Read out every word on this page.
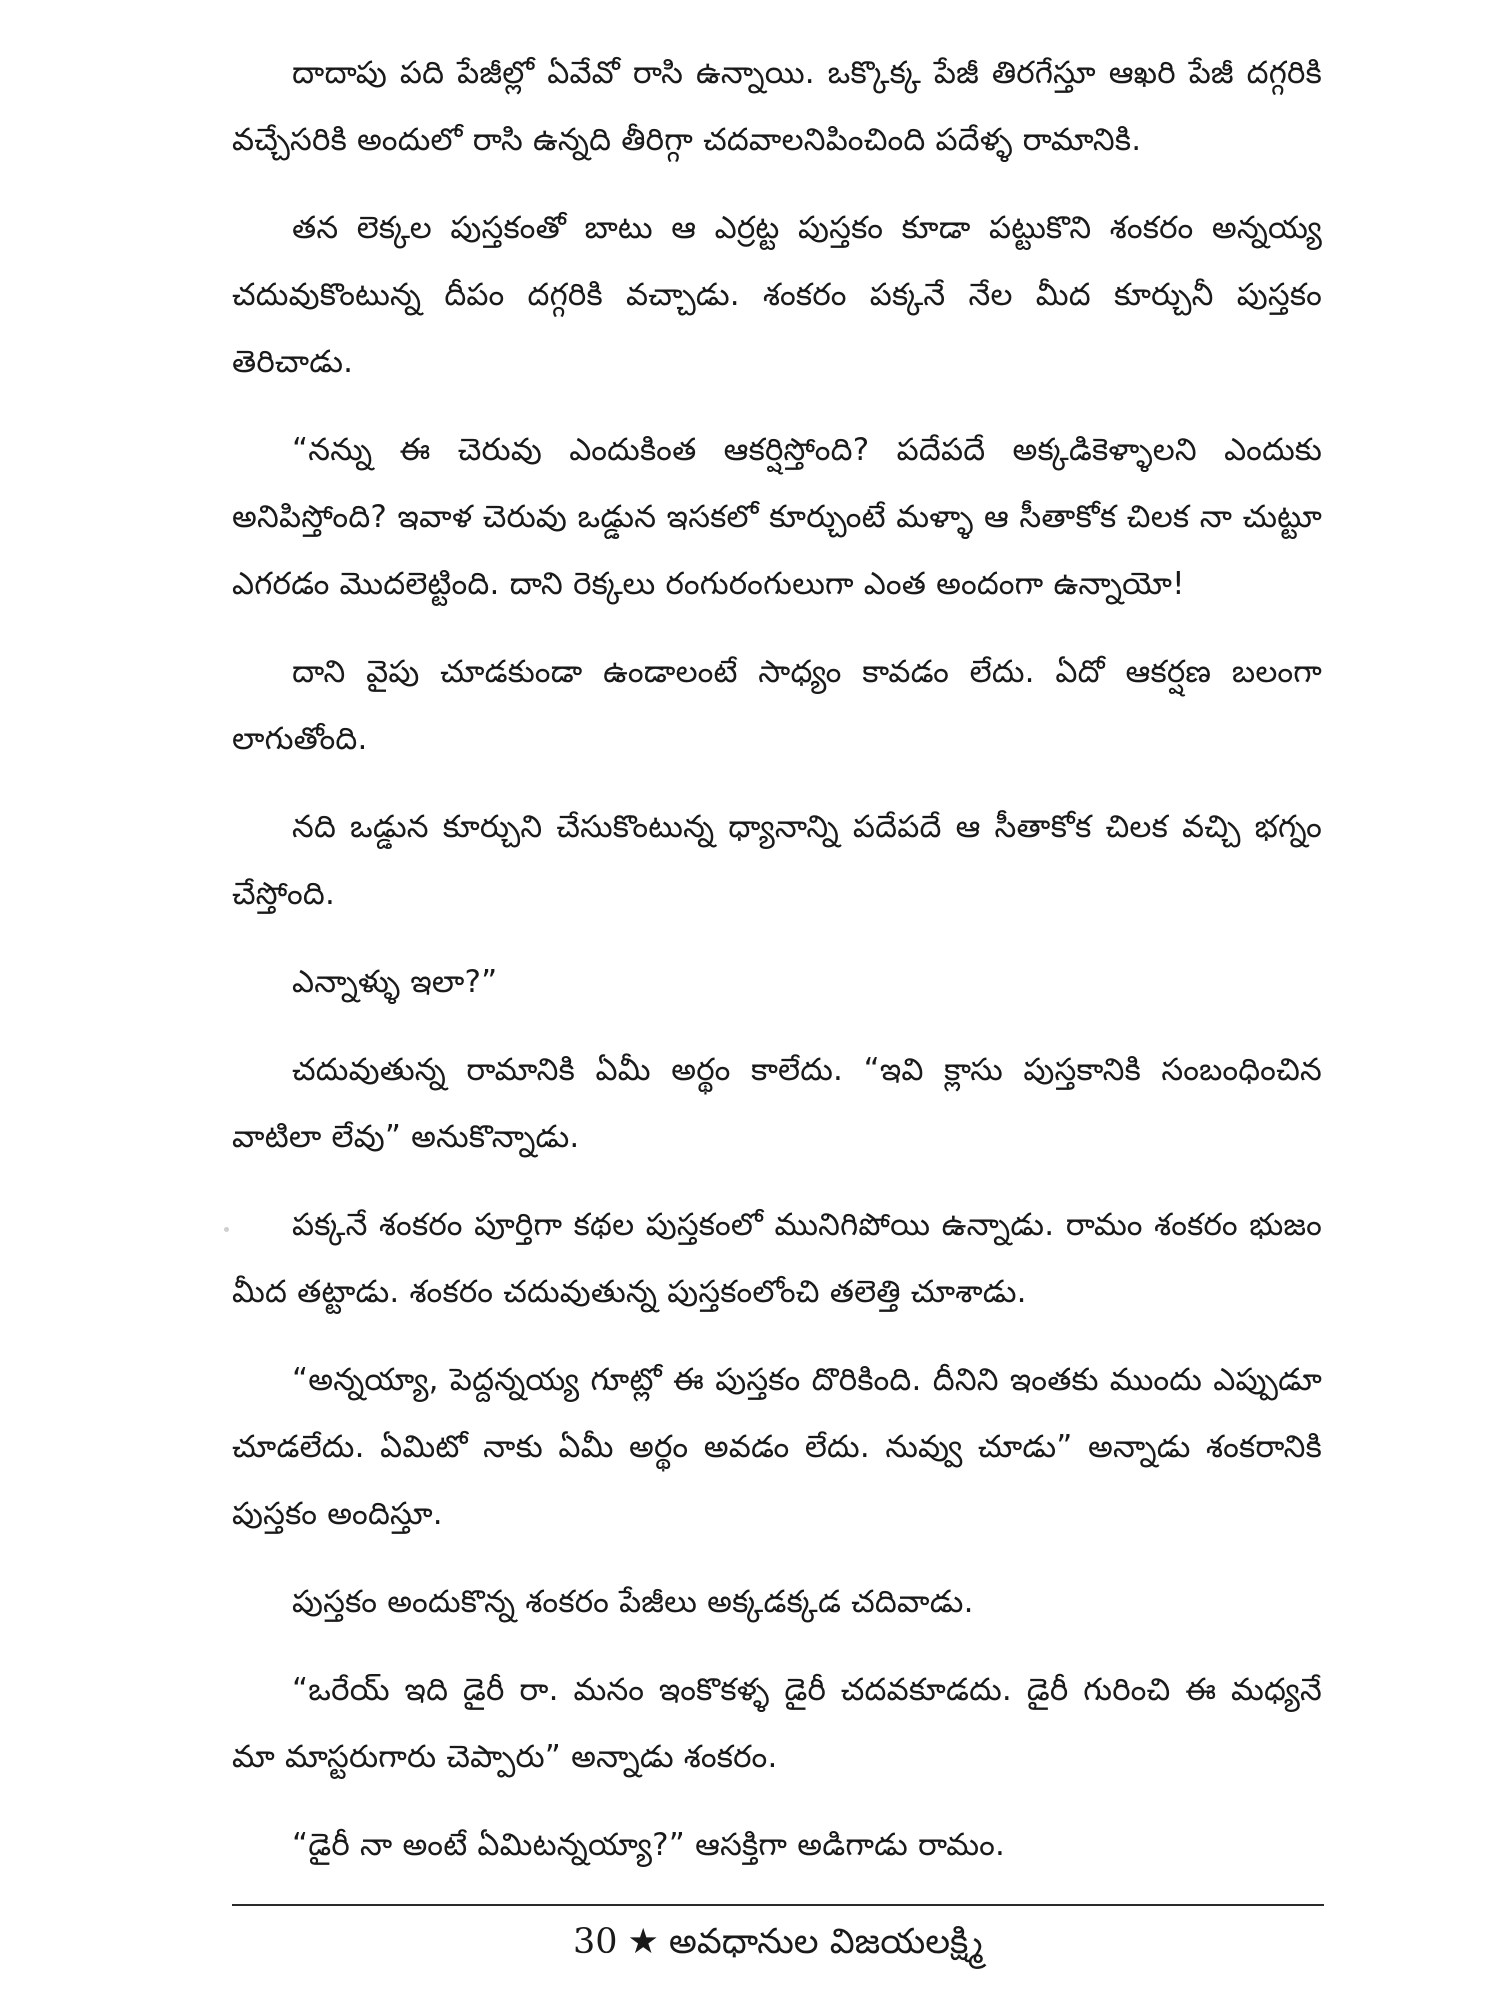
దాదాపు పది పేజీల్లో ఏవేవో రాసి ఉన్నాయి. ఒక్కొక్క పేజీ తిరగేస్తూ ఆఖరి పేజీ దగ్గరికి వచ్చేసరికి అందులో రాసి ఉన్నది తీరిగ్గా చదవాలనిపించింది పదేళ్ళ రామానికి.

తన లెక్కల పుస్తకంతో బాటు ఆ ఎర్రట్ట పుస్తకం కూడా పట్టుకొని శంకరం అన్నయ్య చదువుకొంటున్న దీపం దగ్గరికి వచ్చాడు. శంకరం పక్కనే నేల మీద కూర్చునీ పుస్తకం తెరిచాడు.

“నన్ను ఈ చెరువు ఎందుకింత ఆకర్షిస్తోంది? పదేపదే అక్కడికెళ్ళాలని ఎందుకు అనిపిస్తోంది? ఇవాళ చెరువు ఒడ్డున ఇసకలో కూర్చుంటే మళ్ళా ఆ సీతాకోక చిలక నా చుట్టూ ఎగరడం మొదలెట్టింది. దాని రెక్కలు రంగురంగులుగా ఎంత అందంగా ఉన్నాయో!

దాని వైపు చూడకుండా ఉండాలంటే సాధ్యం కావడం లేదు. ఏదో ఆకర్షణ బలంగా లాగుతోంది.

నది ఒడ్డున కూర్చుని చేసుకొంటున్న ధ్యానాన్ని పదేపదే ఆ సీతాకోక చిలక వచ్చి భగ్నం చేస్తోంది.

ఎన్నాళ్ళు ఇలా?”

చదువుతున్న రామానికి ఏమీ అర్థం కాలేదు. “ఇవి క్లాసు పుస్తకానికి సంబంధించిన వాటిలా లేవు” అనుకొన్నాడు.

పక్కనే శంకరం పూర్తిగా కథల పుస్తకంలో మునిగిపోయి ఉన్నాడు. రామం శంకరం భుజం మీద తట్టాడు. శంకరం చదువుతున్న పుస్తకంలోంచి తలెత్తి చూశాడు.

“అన్నయ్యా, పెద్దన్నయ్య గూట్లో ఈ పుస్తకం దొరికింది. దీనిని ఇంతకు ముందు ఎప్పుడూ చూడలేదు. ఏమిటో నాకు ఏమీ అర్థం అవడం లేదు. నువ్వు చూడు” అన్నాడు శంకరానికి పుస్తకం అందిస్తూ.

పుస్తకం అందుకొన్న శంకరం పేజీలు అక్కడక్కడ చదివాడు.

“ఒరేయ్ ఇది డైరీ రా. మనం ఇంకొకళ్ళ డైరీ చదవకూడదు. డైరీ గురించి ఈ మధ్యనే మా మాస్టరుగారు చెప్పారు” అన్నాడు శంకరం.

“డైరీ నా అంటే ఏమిటన్నయ్యా?” ఆసక్తిగా అడిగాడు రామం.

30 ★ అవధానుల విజయలక్ష్మి
